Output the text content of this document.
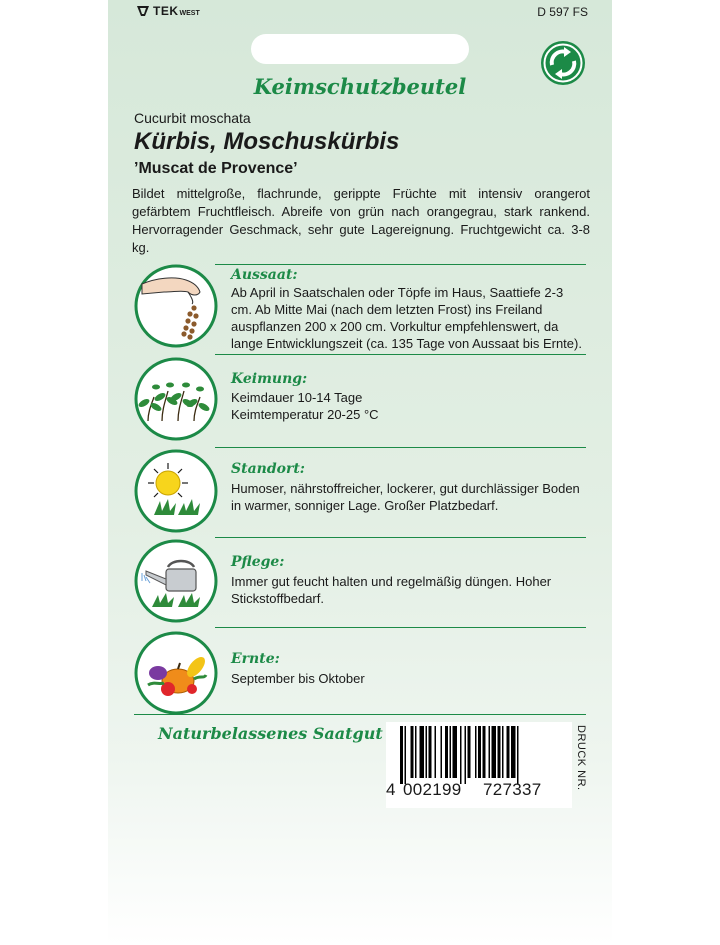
TEK WEST	D 597 FS
Keimschutzbeutel
Cucurbit moschata
Kürbis, Moschuskürbis
’Muscat de Provence’
Bildet mittelgroße, flachrunde, gerippte Früchte mit intensiv orangerot gefärbtem Fruchtfleisch. Abreife von grün nach orangegrau, stark rankend. Hervorragender Geschmack, sehr gute Lagereignung. Fruchtgewicht ca. 3-8 kg.
Aussaat:
Ab April in Saatschalen oder Töpfe im Haus, Saattiefe 2-3 cm. Ab Mitte Mai (nach dem letzten Frost) ins Freiland auspflanzen 200 x 200 cm. Vorkultur empfehlenswert, da lange Entwicklungszeit (ca. 135 Tage von Aussaat bis Ernte).
Keimung:
Keimdauer 10-14 Tage
Keimtemperatur 20-25 °C
Standort:
Humoser, nährstoffreicher, lockerer, gut durchlässiger Boden in warmer, sonniger Lage. Großer Platzbedarf.
Pflege:
Immer gut feucht halten und regelmäßig düngen. Hoher Stickstoffbedarf.
Ernte:
September bis Oktober
Naturbelassenes Saatgut
4 002199 727337	DRUCK NR.
